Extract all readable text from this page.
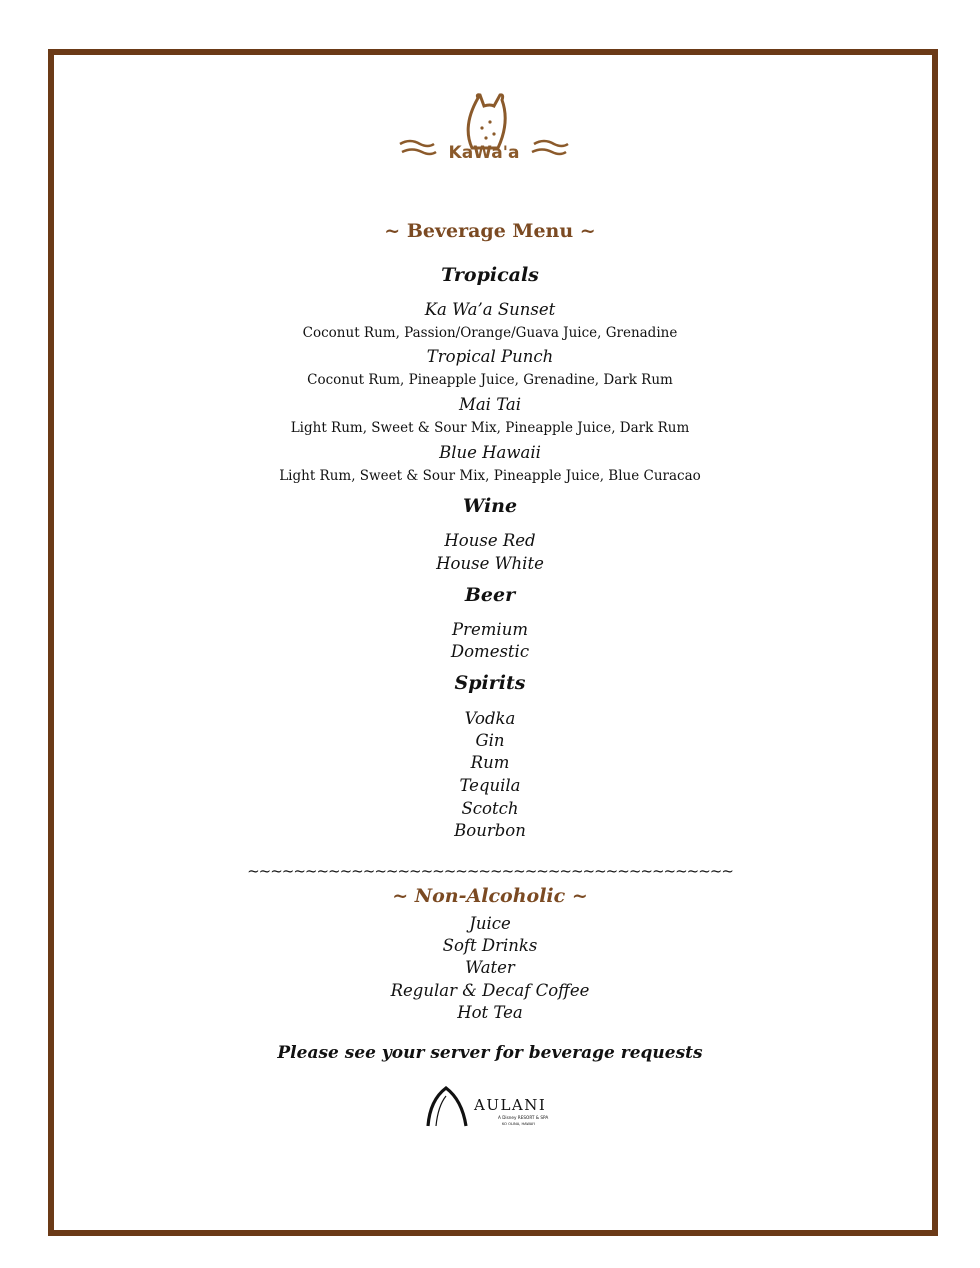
KaWa'a
~ Beverage Menu ~
Tropicals
Ka Wa’a Sunset
Coconut Rum, Passion/Orange/Guava Juice, Grenadine
Tropical Punch
Coconut Rum, Pineapple Juice, Grenadine, Dark Rum
Mai Tai
Light Rum, Sweet & Sour Mix, Pineapple Juice, Dark Rum
Blue Hawaii
Light Rum, Sweet & Sour Mix, Pineapple Juice, Blue Curacao
Wine
House Red
House White
Beer
Premium
Domestic
Spirits
Vodka
Gin
Rum
Tequila
Scotch
Bourbon
~~~~~~~~~~~~~~~~~~~~~~~~~~~~~~~~~~~~~~~~~~
~ Non-Alcoholic ~
Juice
Soft Drinks
Water
Regular & Decaf Coffee
Hot Tea
Please see your server for beverage requests
AULANI
A Disney RESORT & SPA
KO OLINA, HAWAI'I
